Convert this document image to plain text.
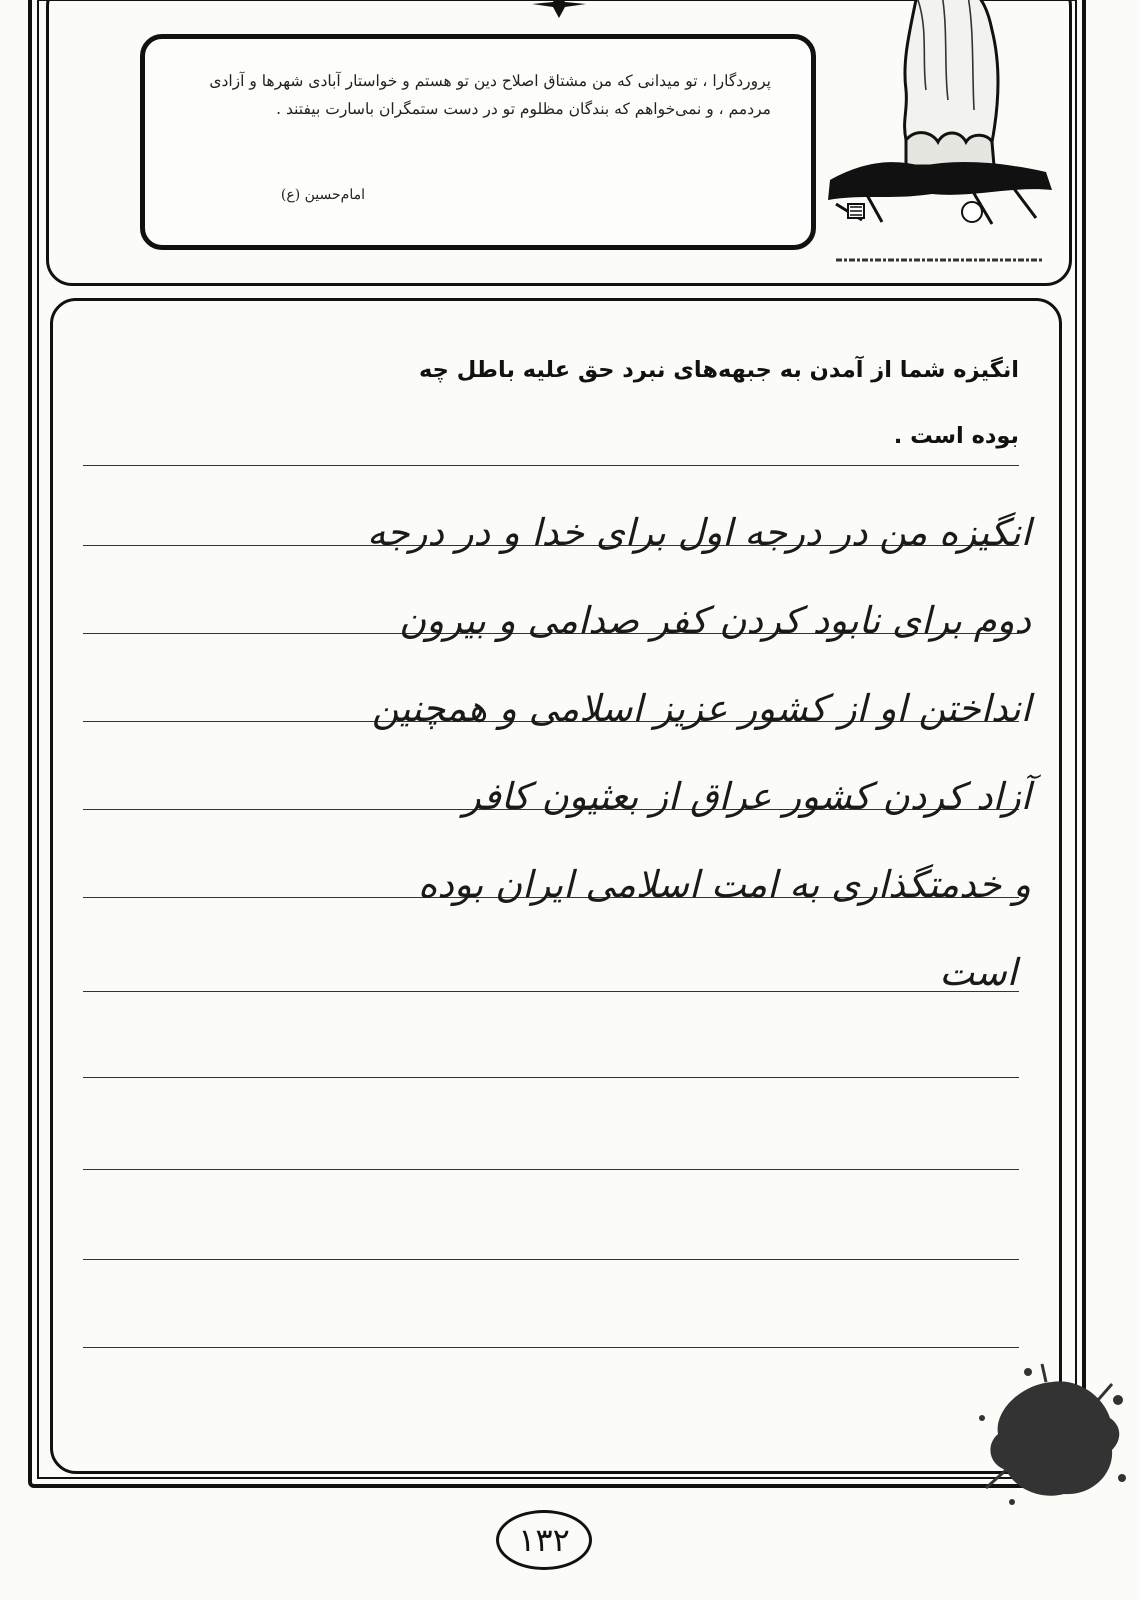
پروردگارا ، تو میدانی که من مشتاق اصلاح دین تو هستم و خواستار آبادی شهرها و آزادی مردمم ، و نمی‌خواهم که بندگان مظلوم تو در دست ستمگران باسارت بیفتند .
امام‌حسین (ع)
انگیزه شما از آمدن به جبهه‌های نبرد حق علیه باطل چه
بوده است .
انگیزه من در درجه اول برای خدا و در درجه
دوم برای نابود کردن کفر صدامی و بیرون
انداختن او از کشور عزیز اسلامی و همچنین
آزاد کردن کشور عراق از بعثیون کافر
و خدمتگذاری به امت اسلامی ایران بوده
است
۱۳۲
